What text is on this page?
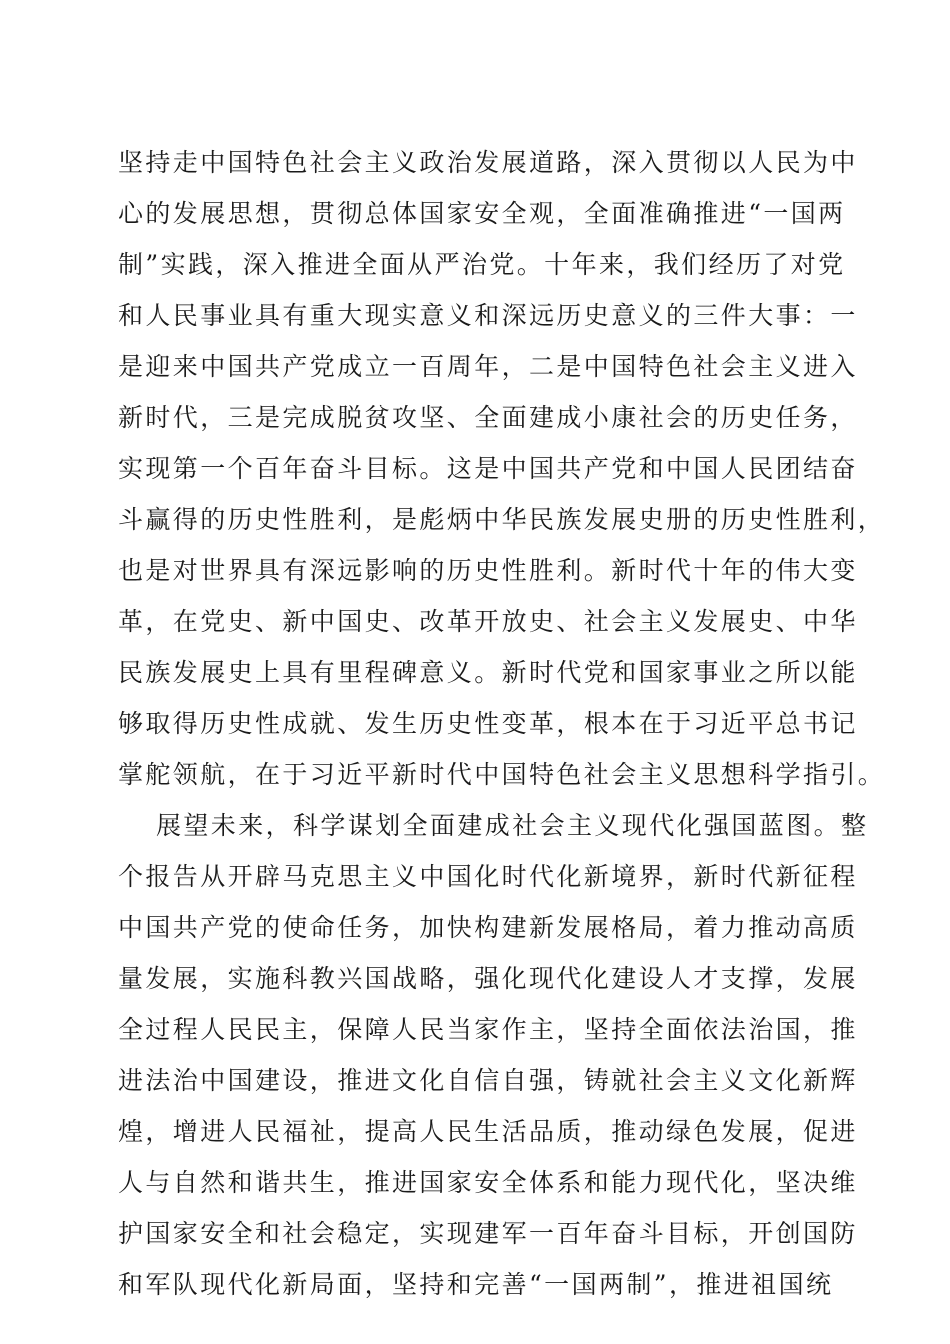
坚持走中国特色社会主义政治发展道路，深入贯彻以人民为中
心的发展思想，贯彻总体国家安全观，全面准确推进“一国两
制”实践，深入推进全面从严治党。十年来，我们经历了对党
和人民事业具有重大现实意义和深远历史意义的三件大事：一
是迎来中国共产党成立一百周年，二是中国特色社会主义进入
新时代，三是完成脱贫攻坚、全面建成小康社会的历史任务，
实现第一个百年奋斗目标。这是中国共产党和中国人民团结奋
斗赢得的历史性胜利，是彪炳中华民族发展史册的历史性胜利，
也是对世界具有深远影响的历史性胜利。新时代十年的伟大变
革，在党史、新中国史、改革开放史、社会主义发展史、中华
民族发展史上具有里程碑意义。新时代党和国家事业之所以能
够取得历史性成就、发生历史性变革，根本在于习近平总书记
掌舵领航，在于习近平新时代中国特色社会主义思想科学指引。
展望未来，科学谋划全面建成社会主义现代化强国蓝图。整
个报告从开辟马克思主义中国化时代化新境界，新时代新征程
中国共产党的使命任务，加快构建新发展格局，着力推动高质
量发展，实施科教兴国战略，强化现代化建设人才支撑，发展
全过程人民民主，保障人民当家作主，坚持全面依法治国，推
进法治中国建设，推进文化自信自强，铸就社会主义文化新辉
煌，增进人民福祉，提高人民生活品质，推动绿色发展，促进
人与自然和谐共生，推进国家安全体系和能力现代化，坚决维
护国家安全和社会稳定，实现建军一百年奋斗目标，开创国防
和军队现代化新局面，坚持和完善“一国两制”，推进祖国统
